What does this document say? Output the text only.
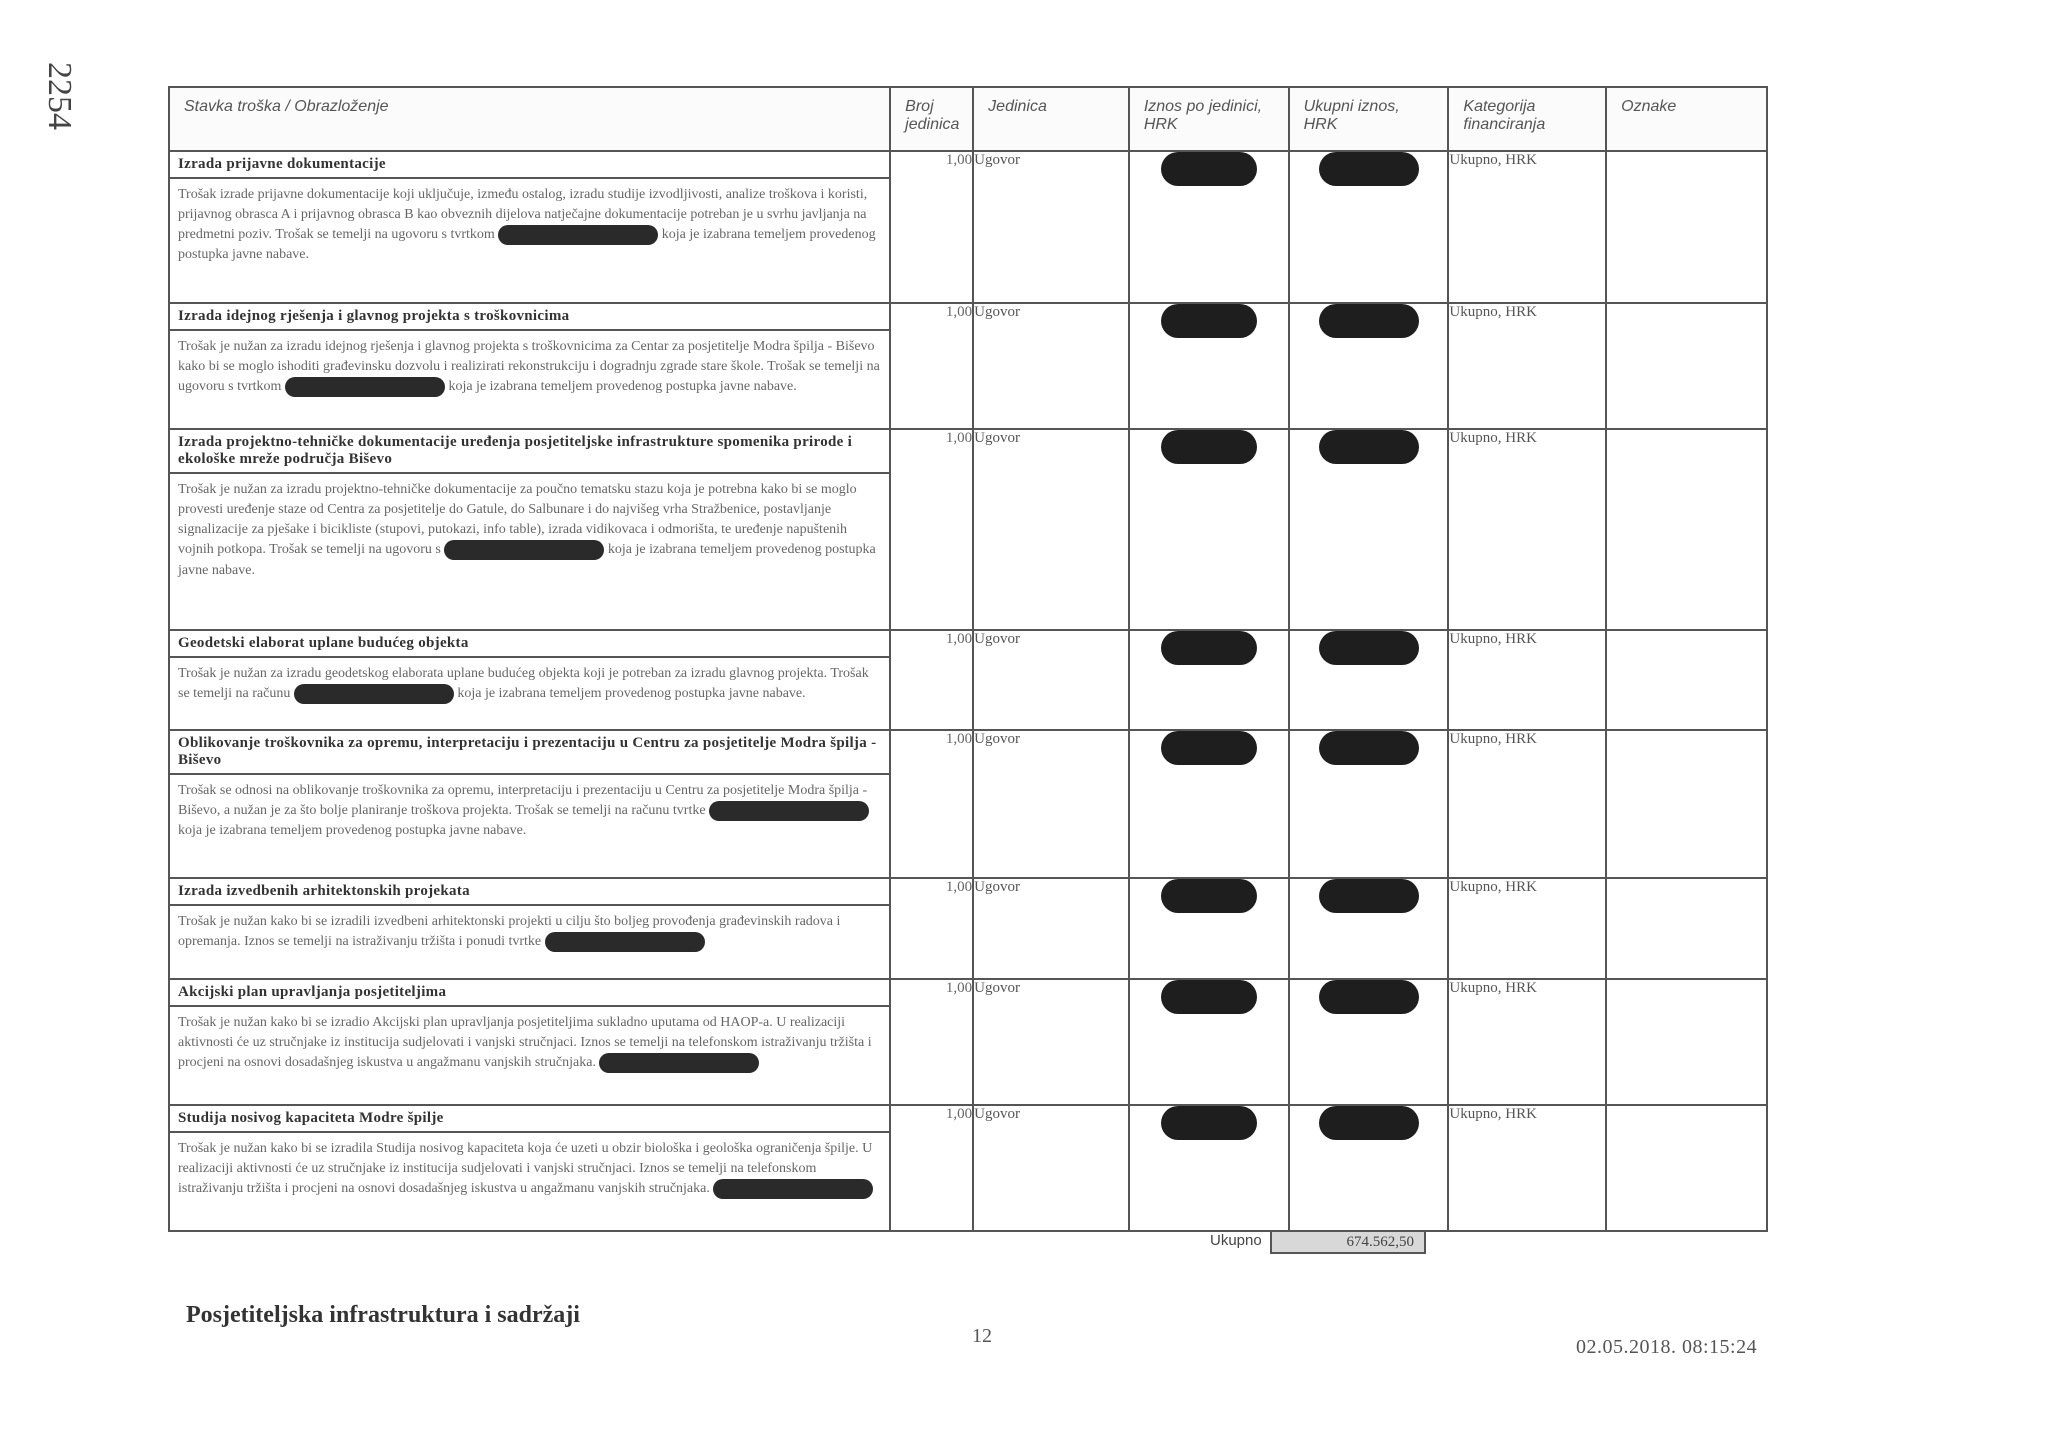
2254	Stavka troška / Obrazloženje	Broj jedinica	Jedinica	Iznos po jedinici, HRK	Ukupni iznos, HRK	Kategorija financiranja	Oznake

Izrada prijavne dokumentacije
Trošak izrade prijavne dokumentacije koji uključuje, između ostalog, izradu studije izvodljivosti, analize troškova i koristi, prijavnog obrasca A i prijavnog obrasca B kao obveznih dijelova natječajne dokumentacije potreban je u svrhu javljanja na predmetni poziv. Trošak se temelji na ugovoru s tvrtkom koja je izabrana temeljem provedenog postupka javne nabave.	1,00	Ugovor			Ukupno, HRK	

Izrada idejnog rješenja i glavnog projekta s troškovnicima
Trošak je nužan za izradu idejnog rješenja i glavnog projekta s troškovnicima za Centar za posjetitelje Modra špilja - Biševo kako bi se moglo ishoditi građevinsku dozvolu i realizirati rekonstrukciju i dogradnju zgrade stare škole. Trošak se temelji na ugovoru s tvrtkom koja je izabrana temeljem provedenog postupka javne nabave.	1,00	Ugovor			Ukupno, HRK	

Izrada projektno-tehničke dokumentacije uređenja posjetiteljske infrastrukture spomenika prirode i ekološke mreže područja Biševo
Trošak je nužan za izradu projektno-tehničke dokumentacije za poučno tematsku stazu koja je potrebna kako bi se moglo provesti uređenje staze od Centra za posjetitelje do Gatule, do Salbunare i do najvišeg vrha Stražbenice, postavljanje signalizacije za pješake i bicikliste (stupovi, putokazi, info table), izrada vidikovaca i odmorišta, te uređenje napuštenih vojnih potkopa. Trošak se temelji na ugovoru s koja je izabrana temeljem provedenog postupka javne nabave.	1,00	Ugovor			Ukupno, HRK	

Geodetski elaborat uplane budućeg objekta
Trošak je nužan za izradu geodetskog elaborata uplane budućeg objekta koji je potreban za izradu glavnog projekta. Trošak se temelji na računu koja je izabrana temeljem provedenog postupka javne nabave.	1,00	Ugovor			Ukupno, HRK	

Oblikovanje troškovnika za opremu, interpretaciju i prezentaciju u Centru za posjetitelje Modra špilja - Biševo
Trošak se odnosi na oblikovanje troškovnika za opremu, interpretaciju i prezentaciju u Centru za posjetitelje Modra špilja - Biševo, a nužan je za što bolje planiranje troškova projekta. Trošak se temelji na računu tvrtke  koja je izabrana temeljem provedenog postupka javne nabave.	1,00	Ugovor			Ukupno, HRK	

Izrada izvedbenih arhitektonskih projekata
Trošak je nužan kako bi se izradili izvedbeni arhitektonski projekti u cilju što boljeg provođenja građevinskih radova i opremanja. Iznos se temelji na istraživanju tržišta i ponudi tvrtke	1,00	Ugovor			Ukupno, HRK	

Akcijski plan upravljanja posjetiteljima
Trošak je nužan kako bi se izradio Akcijski plan upravljanja posjetiteljima sukladno uputama od HAOP-a. U realizaciji aktivnosti će uz stručnjake iz institucija sudjelovati i vanjski stručnjaci. Iznos se temelji na telefonskom istraživanju tržišta i procjeni na osnovi dosadašnjeg iskustva u angažmanu vanjskih stručnjaka.	1,00	Ugovor			Ukupno, HRK	

Studija nosivog kapaciteta Modre špilje
Trošak je nužan kako bi se izradila Studija nosivog kapaciteta koja će uzeti u obzir biološka i geološka ograničenja špilje. U realizaciji aktivnosti će uz stručnjake iz institucija sudjelovati i vanjski stručnjaci. Iznos se temelji na telefonskom istraživanju tržišta i procjeni na osnovi dosadašnjeg iskustva u angažmanu vanjskih stručnjaka.	1,00	Ugovor			Ukupno, HRK	
Ukupno	674.562,50
Posjetiteljska infrastruktura i sadržaji
12	02.05.2018. 08:15:24
